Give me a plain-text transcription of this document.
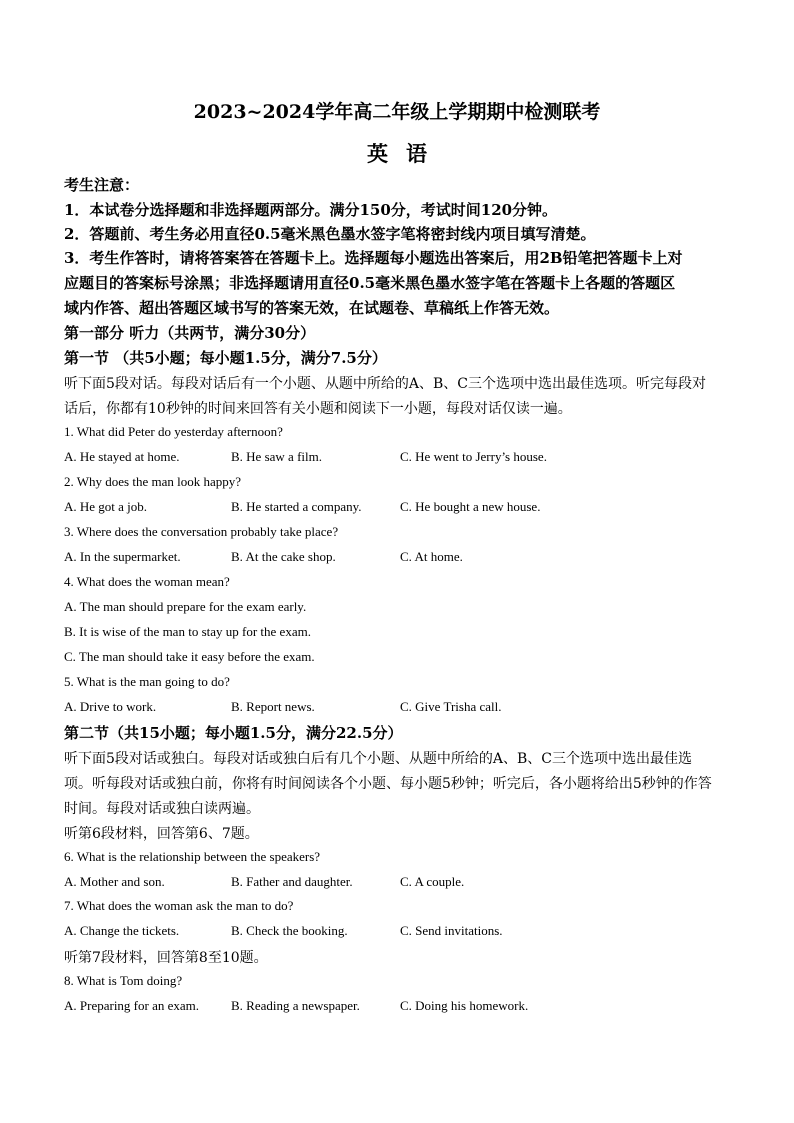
2023~2024学年高二年级上学期期中检测联考
英语
考生注意：
1．本试卷分选择题和非选择题两部分。满分150分，考试时间120分钟。
2．答题前、考生务必用直径0.5毫米黑色墨水签字笔将密封线内项目填写清楚。
3．考生作答时，请将答案答在答题卡上。选择题每小题选出答案后，用2B铅笔把答题卡上对
应题目的答案标号涂黑；非选择题请用直径0.5毫米黑色墨水签字笔在答题卡上各题的答题区
域内作答、超出答题区域书写的答案无效，在试题卷、草稿纸上作答无效。
第一部分 听力（共两节，满分30分）
第一节 （共5小题；每小题1.5分，满分7.5分）
听下面5段对话。每段对话后有一个小题、从题中所给的A、B、C三个选项中选出最佳选项。听完每段对
话后，你都有10秒钟的时间来回答有关小题和阅读下一小题，每段对话仅读一遍。
1. What did Peter do yesterday afternoon?
A. He stayed at home.	B. He saw a film.	C. He went to Jerry’s house.
2. Why does the man look happy?
A. He got a job.	B. He started a company.	C. He bought a new house.
3. Where does the conversation probably take place?
A. In the supermarket.	B. At the cake shop.	C. At home.
4. What does the woman mean?
A. The man should prepare for the exam early.
B. It is wise of the man to stay up for the exam.
C. The man should take it easy before the exam.
5. What is the man going to do?
A. Drive to work.	B. Report news.	C. Give Trisha call.
第二节（共15小题；每小题1.5分，满分22.5分）
听下面5段对话或独白。每段对话或独白后有几个小题、从题中所给的A、B、C三个选项中选出最佳选
项。听每段对话或独白前，你将有时间阅读各个小题、每小题5秒钟；听完后，各小题将给出5秒钟的作答
时间。每段对话或独白读两遍。
听第6段材料，回答第6、7题。
6. What is the relationship between the speakers?
A. Mother and son.	B. Father and daughter.	C. A couple.
7. What does the woman ask the man to do?
A. Change the tickets.	B. Check the booking.	C. Send invitations.
听第7段材料，回答第8至10题。
8. What is Tom doing?
A. Preparing for an exam. B. Reading a newspaper.	C. Doing his homework.
